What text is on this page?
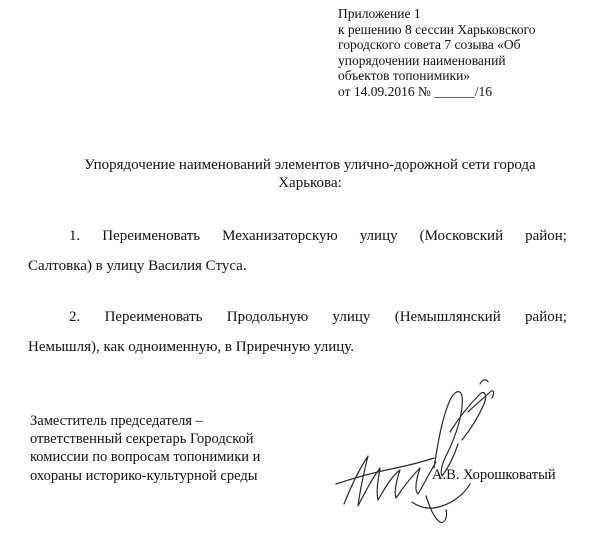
Приложение 1
к решению 8 сессии Харьковского
городского совета 7 созыва «Об
упорядочении наименований
объектов топонимики»
от 14.09.2016 № ______/16
Упорядочение наименований элементов улично-дорожной сети города
Харькова:
1. Переименовать Механизаторскую улицу (Московский район;
Салтовка) в улицу Василия Стуса.
2. Переименовать Продольную улицу (Немышлянский район;
Немышля), как одноименную, в Приречную улицу.
Заместитель председателя –
ответственный секретарь Городской
комиссии по вопросам топонимики и
охораны историко-культурной среды	А.В. Хорошковатый
